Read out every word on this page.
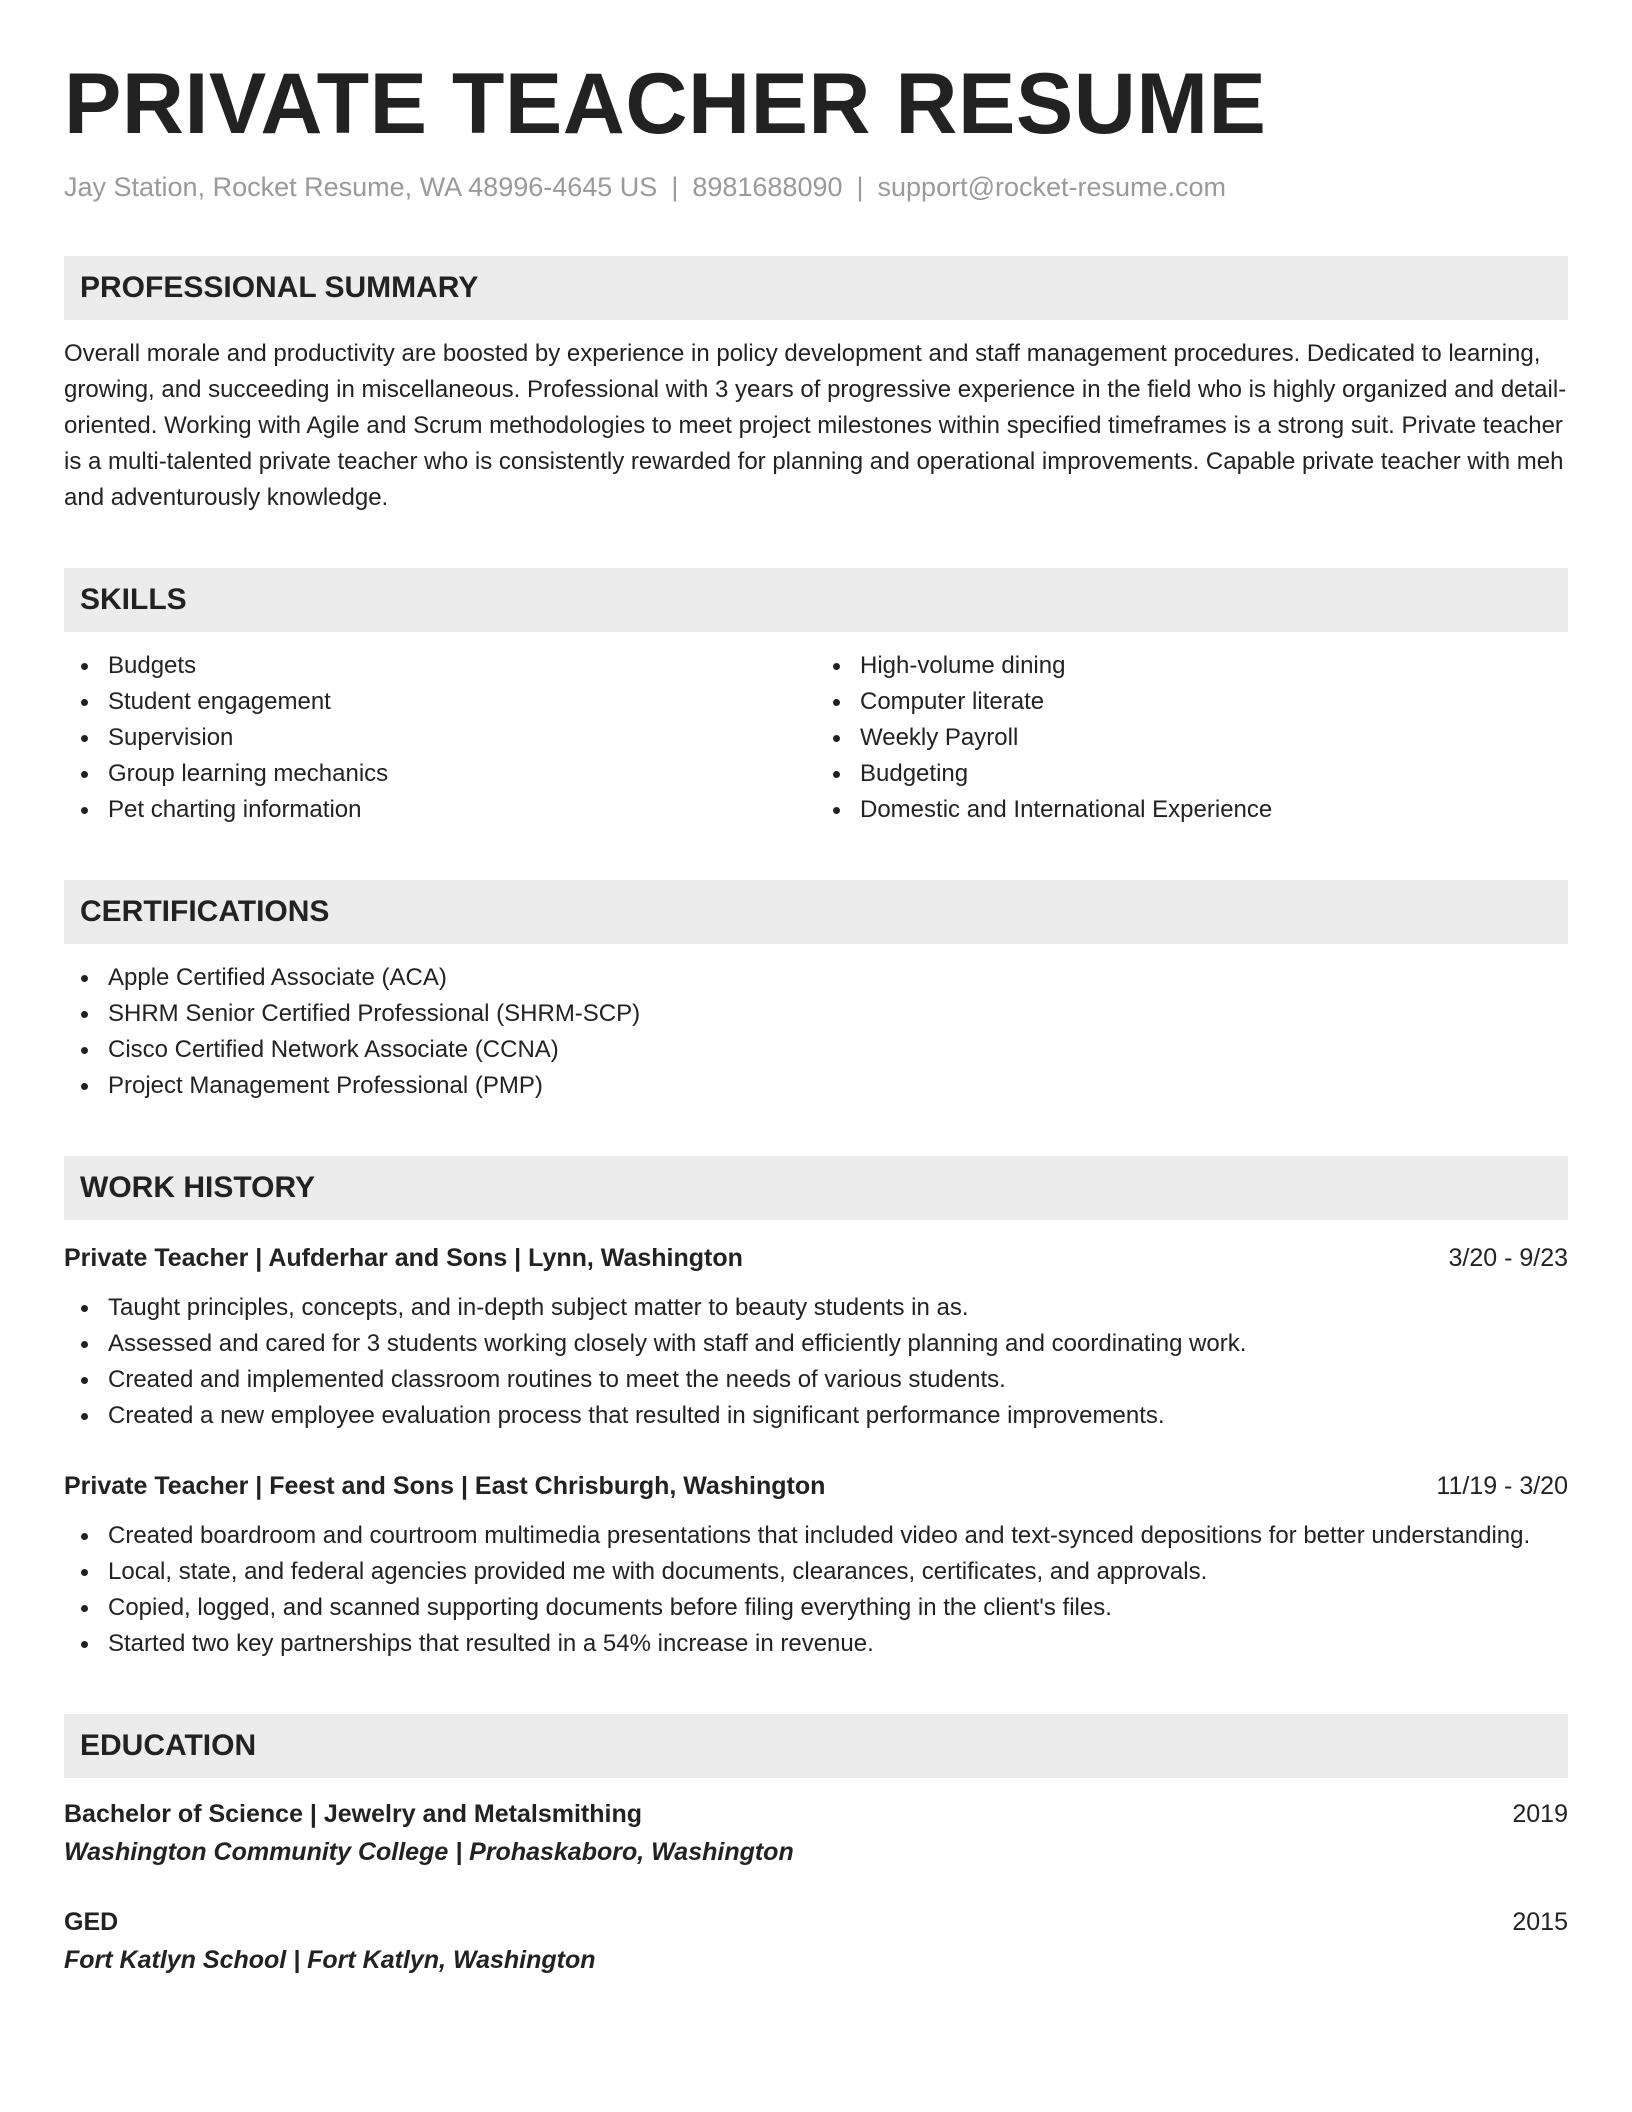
PRIVATE TEACHER RESUME
Jay Station, Rocket Resume, WA 48996-4645 US | 8981688090 | support@rocket-resume.com
PROFESSIONAL SUMMARY

Overall morale and productivity are boosted by experience in policy development and staff management procedures. Dedicated to learning, growing, and succeeding in miscellaneous. Professional with 3 years of progressive experience in the field who is highly organized and detail-oriented. Working with Agile and Scrum methodologies to meet project milestones within specified timeframes is a strong suit. Private teacher is a multi-talented private teacher who is consistently rewarded for planning and operational improvements. Capable private teacher with meh and adventurously knowledge.

SKILLS
Budgets
Student engagement
Supervision
Group learning mechanics
Pet charting information
High-volume dining
Computer literate
Weekly Payroll
Budgeting
Domestic and International Experience
CERTIFICATIONS
Apple Certified Associate (ACA)
SHRM Senior Certified Professional (SHRM-SCP)
Cisco Certified Network Associate (CCNA)
Project Management Professional (PMP)
WORK HISTORY
Private Teacher | Aufderhar and Sons | Lynn, Washington	3/20 - 9/23
Taught principles, concepts, and in-depth subject matter to beauty students in as.
Assessed and cared for 3 students working closely with staff and efficiently planning and coordinating work.
Created and implemented classroom routines to meet the needs of various students.
Created a new employee evaluation process that resulted in significant performance improvements.
Private Teacher | Feest and Sons | East Chrisburgh, Washington	11/19 - 3/20
Created boardroom and courtroom multimedia presentations that included video and text-synced depositions for better understanding.
Local, state, and federal agencies provided me with documents, clearances, certificates, and approvals.
Copied, logged, and scanned supporting documents before filing everything in the client's files.
Started two key partnerships that resulted in a 54% increase in revenue.
EDUCATION
Bachelor of Science | Jewelry and Metalsmithing	2019
Washington Community College | Prohaskaboro, Washington
GED	2015
Fort Katlyn School | Fort Katlyn, Washington
